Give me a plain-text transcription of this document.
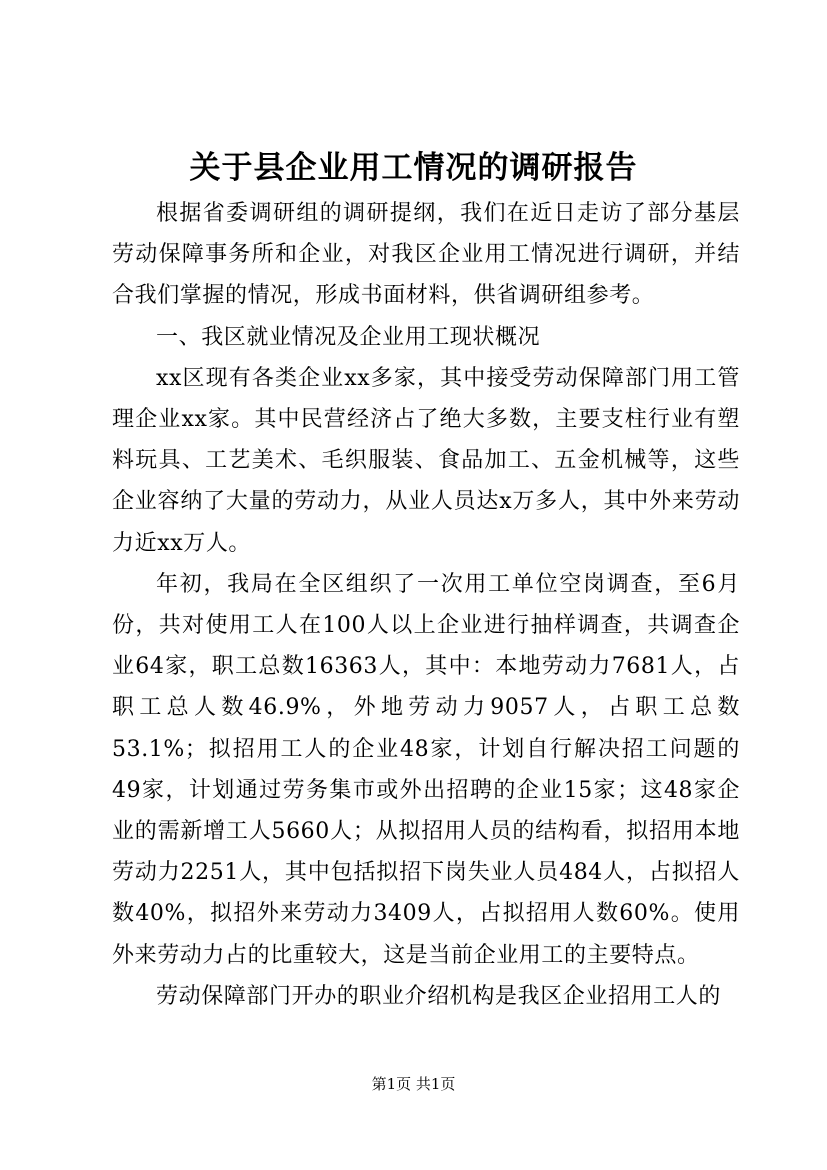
关于县企业用工情况的调研报告

根据省委调研组的调研提纲，我们在近日走访了部分基层劳动保障事务所和企业，对我区企业用工情况进行调研，并结合我们掌握的情况，形成书面材料，供省调研组参考。

一、我区就业情况及企业用工现状概况

xx区现有各类企业xx多家，其中接受劳动保障部门用工管理企业xx家。其中民营经济占了绝大多数，主要支柱行业有塑料玩具、工艺美术、毛织服装、食品加工、五金机械等，这些企业容纳了大量的劳动力，从业人员达x万多人，其中外来劳动力近xx万人。

年初，我局在全区组织了一次用工单位空岗调查，至6月份，共对使用工人在100人以上企业进行抽样调查，共调查企业64家，职工总数16363人，其中：本地劳动力7681人，占职工总人数46.9%，外地劳动力9057人，占职工总数53.1%；拟招用工人的企业48家，计划自行解决招工问题的49家，计划通过劳务集市或外出招聘的企业15家；这48家企业的需新增工人5660人；从拟招用人员的结构看，拟招用本地劳动力2251人，其中包括拟招下岗失业人员484人，占拟招人数40%，拟招外来劳动力3409人，占拟招用人数60%。使用外来劳动力占的比重较大，这是当前企业用工的主要特点。

劳动保障部门开办的职业介绍机构是我区企业招用工人的

第1页 共1页
